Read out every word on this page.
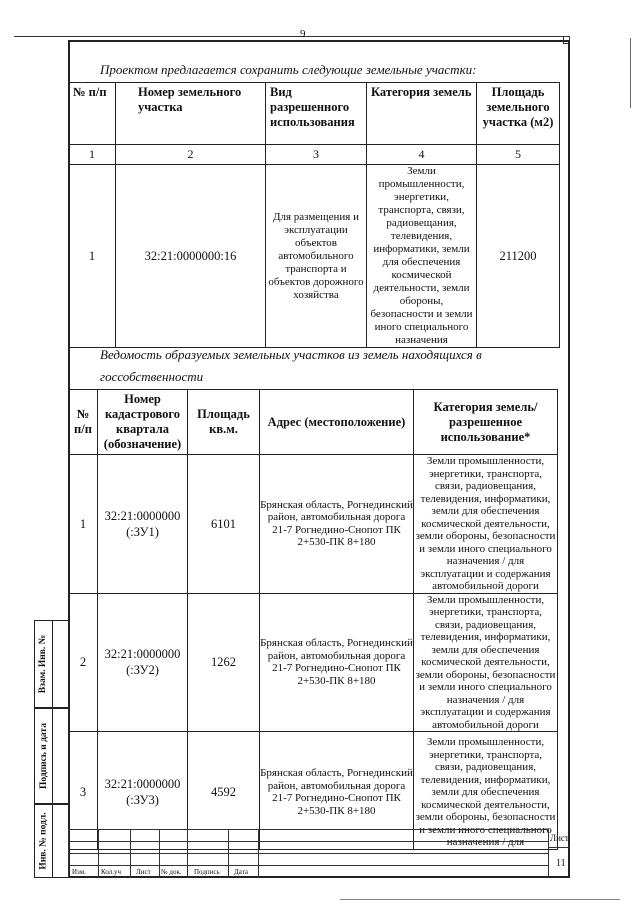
9
Проектом предлагается сохранить следующие земельные участки:
№ п/п	Номер земельного участка	Вид разрешенного использования	Категория земель	Площадь земельного участка (м2)
1	2	3	4	5
1	32:21:0000000:16	Для размещения и эксплуатации объектов автомобильного транспорта и объектов дорожного хозяйства	Земли промышленности, энергетики, транспорта, связи, радиовещания, телевидения, информатики, земли для обеспечения космической деятельности, земли обороны, безопасности и земли иного специального назначения	211200
Ведомость образуемых земельных участков из земель находящихся в
госсобственности
№ п/п	Номер кадастрового квартала (обозначение)	Площадь кв.м.	Адрес (местоположение)	Категория земель/ разрешенное использование*
1	32:21:0000000 (:ЗУ1)	6101	Брянская область, Рогнединский район, автомобильная дорога 21-7 Рогнедино-Снопот ПК 2+530-ПК 8+180	Земли промышленности, энергетики, транспорта, связи, радиовещания, телевидения, информатики, земли для обеспечения космической деятельности, земли обороны, безопасности и земли иного специального назначения / для эксплуатации и содержания автомобильной дороги
2	32:21:0000000 (:ЗУ2)	1262	Брянская область, Рогнединский район, автомобильная дорога 21-7 Рогнедино-Снопот ПК 2+530-ПК 8+180	Земли промышленности, энергетики, транспорта, связи, радиовещания, телевидения, информатики, земли для обеспечения космической деятельности, земли обороны, безопасности и земли иного специального назначения / для эксплуатации и содержания автомобильной дороги
3	32:21:0000000 (:ЗУ3)	4592	Брянская область, Рогнединский район, автомобильная дорога 21-7 Рогнедино-Снопот ПК 2+530-ПК 8+180	Земли промышленности, энергетики, транспорта, связи, радиовещания, телевидения, информатики, земли для обеспечения космической деятельности, земли обороны, безопасности и земли иного специального назначения / для
Взам. Инв. №
Подпись и дата
Инв. № подл.
Изм. Кол.уч Лист № док. Подпись Дата
Лист
11
